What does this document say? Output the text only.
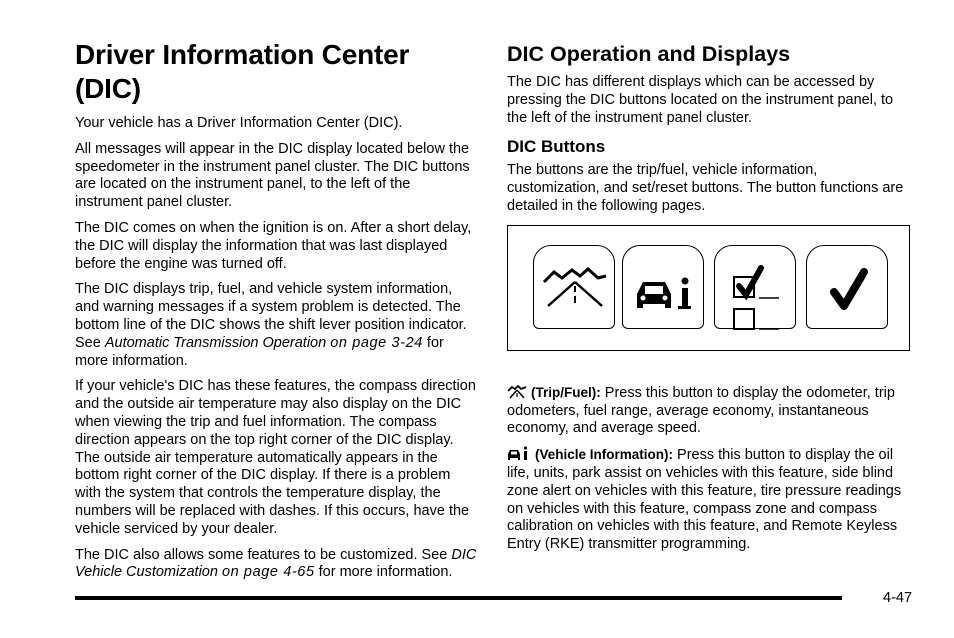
Driver Information Center (DIC)

Your vehicle has a Driver Information Center (DIC).

All messages will appear in the DIC display located below the speedometer in the instrument panel cluster. The DIC buttons are located on the instrument panel, to the left of the instrument panel cluster.

The DIC comes on when the ignition is on. After a short delay, the DIC will display the information that was last displayed before the engine was turned off.

The DIC displays trip, fuel, and vehicle system information, and warning messages if a system problem is detected. The bottom line of the DIC shows the shift lever position indicator. See Automatic Transmission Operation on page 3-24 for more information.

If your vehicle's DIC has these features, the compass direction and the outside air temperature may also display on the DIC when viewing the trip and fuel information. The compass direction appears on the top right corner of the DIC display. The outside air temperature automatically appears in the bottom right corner of the DIC display. If there is a problem with the system that controls the temperature display, the numbers will be replaced with dashes. If this occurs, have the vehicle serviced by your dealer.

The DIC also allows some features to be customized. See DIC Vehicle Customization on page 4-65 for more information.

DIC Operation and Displays

The DIC has different displays which can be accessed by pressing the DIC buttons located on the instrument panel, to the left of the instrument panel cluster.

DIC Buttons

The buttons are the trip/fuel, vehicle information, customization, and set/reset buttons. The button functions are detailed in the following pages.

(Trip/Fuel): Press this button to display the odometer, trip odometers, fuel range, average economy, instantaneous economy, and average speed.

(Vehicle Information): Press this button to display the oil life, units, park assist on vehicles with this feature, side blind zone alert on vehicles with this feature, tire pressure readings on vehicles with this feature, compass zone and compass calibration on vehicles with this feature, and Remote Keyless Entry (RKE) transmitter programming.

4-47
